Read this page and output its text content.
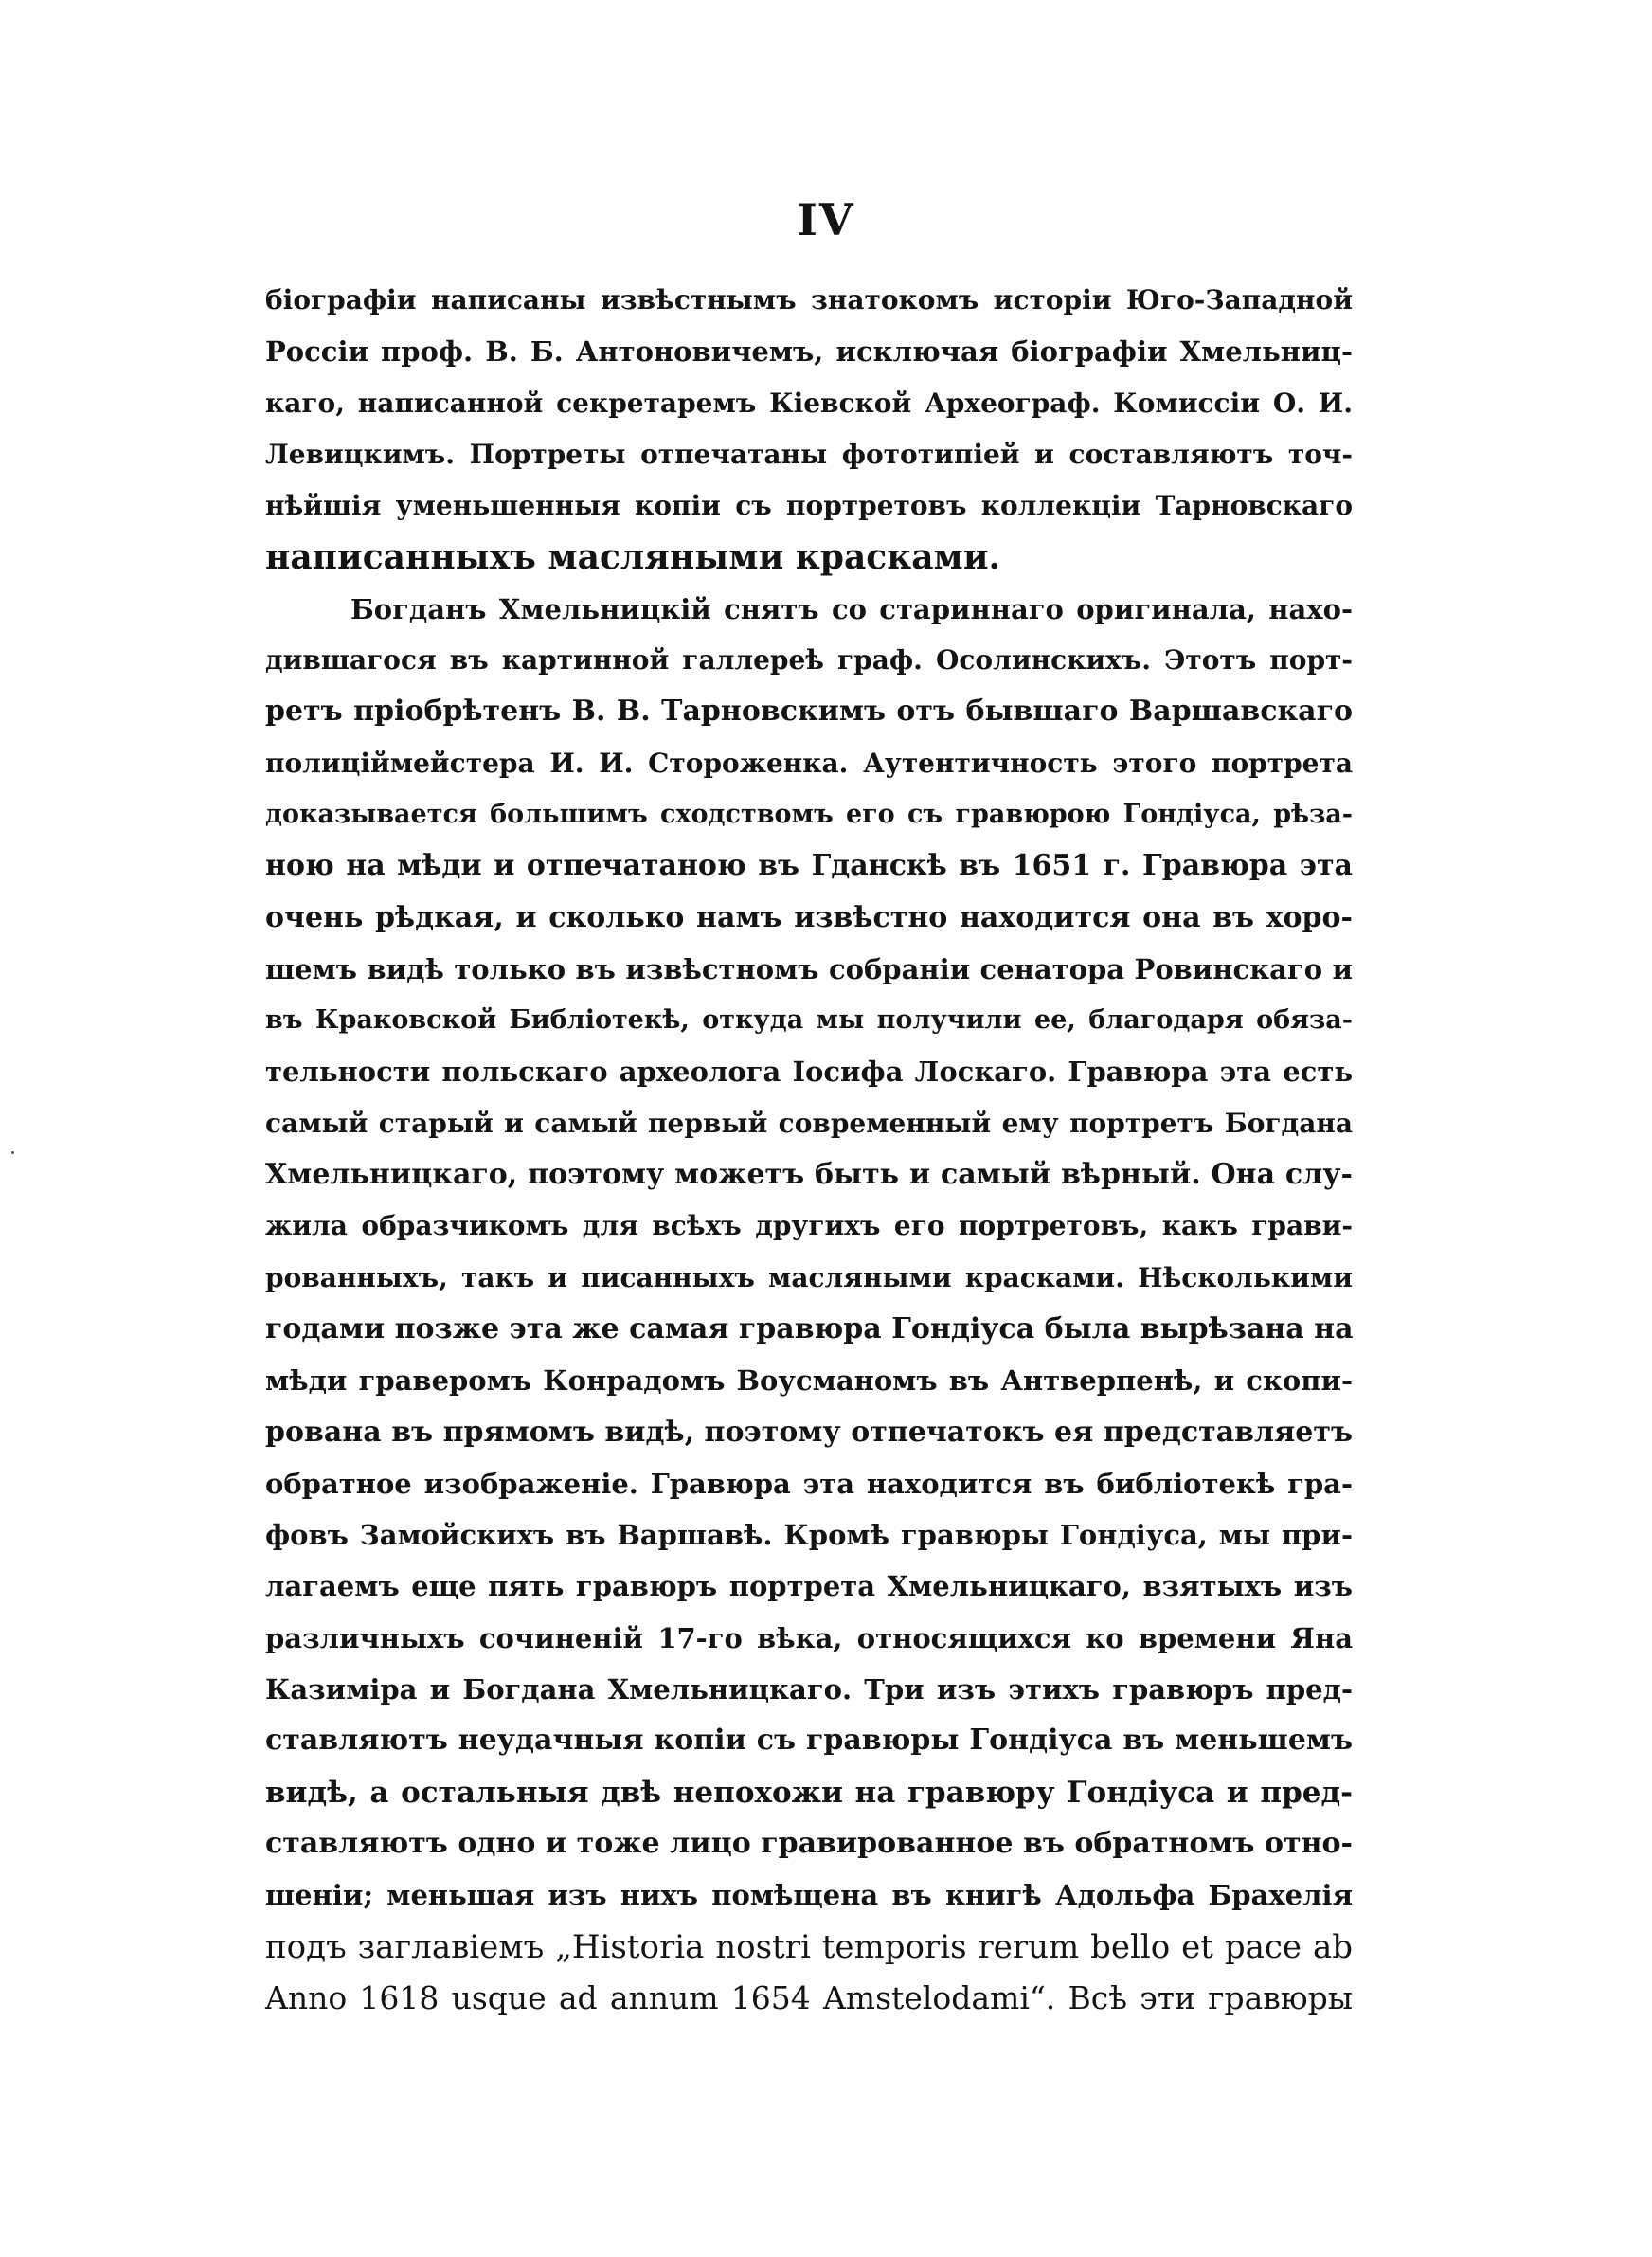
IV
біографіи написаны извѣстнымъ знатокомъ исторіи Юго-Западной
Россіи проф. В. Б. Антоновичемъ, исключая біографіи Хмельниц-
каго, написанной секретаремъ Кіевской Археограф. Комиссіи О. И.
Левицкимъ. Портреты отпечатаны фототипіей и составляютъ точ-
нѣйшія уменьшенныя копіи съ портретовъ коллекціи Тарновскаго
написанныхъ масляными красками.
Богданъ Хмельницкій снятъ со стариннаго оригинала, нахо-
дившагося въ картинной галлереѣ граф. Осолинскихъ. Этотъ порт-
ретъ пріобрѣтенъ В. В. Тарновскимъ отъ бывшаго Варшавскаго
полиціймейстера И. И. Стороженка. Аутентичность этого портрета
доказывается большимъ сходствомъ его съ гравюрою Гондіуса, рѣза-
ною на мѣди и отпечатаною въ Гданскѣ въ 1651 г. Гравюра эта
очень рѣдкая, и сколько намъ извѣстно находится она въ хоро-
шемъ видѣ только въ извѣстномъ собраніи сенатора Ровинскаго и
въ Краковской Библіотекѣ, откуда мы получили ее, благодаря обяза-
тельности польскаго археолога Іосифа Лоскаго. Гравюра эта есть
самый старый и самый первый современный ему портретъ Богдана
Хмельницкаго, поэтому можетъ быть и самый вѣрный. Она слу-
жила образчикомъ для всѣхъ другихъ его портретовъ, какъ грави-
рованныхъ, такъ и писанныхъ масляными красками. Нѣсколькими
годами позже эта же самая гравюра Гондіуса была вырѣзана на
мѣди граверомъ Конрадомъ Воусманомъ въ Антверпенѣ, и скопи-
рована въ прямомъ видѣ, поэтому отпечатокъ ея представляетъ
обратное изображеніе. Гравюра эта находится въ библіотекѣ гра-
фовъ Замойскихъ въ Варшавѣ. Кромѣ гравюры Гондіуса, мы при-
лагаемъ еще пять гравюръ портрета Хмельницкаго, взятыхъ изъ
различныхъ сочиненій 17-го вѣка, относящихся ко времени Яна
Казиміра и Богдана Хмельницкаго. Три изъ этихъ гравюръ пред-
ставляютъ неудачныя копіи съ гравюры Гондіуса въ меньшемъ
видѣ, а остальныя двѣ непохожи на гравюру Гондіуса и пред-
ставляютъ одно и тоже лицо гравированное въ обратномъ отно-
шеніи; меньшая изъ нихъ помѣщена въ книгѣ Адольфа Брахелія
подъ заглавіемъ „Historia nostri temporis rerum bello et pace ab
Anno 1618 usque ad annum 1654 Amstelodami“. Всѣ эти гравюры
